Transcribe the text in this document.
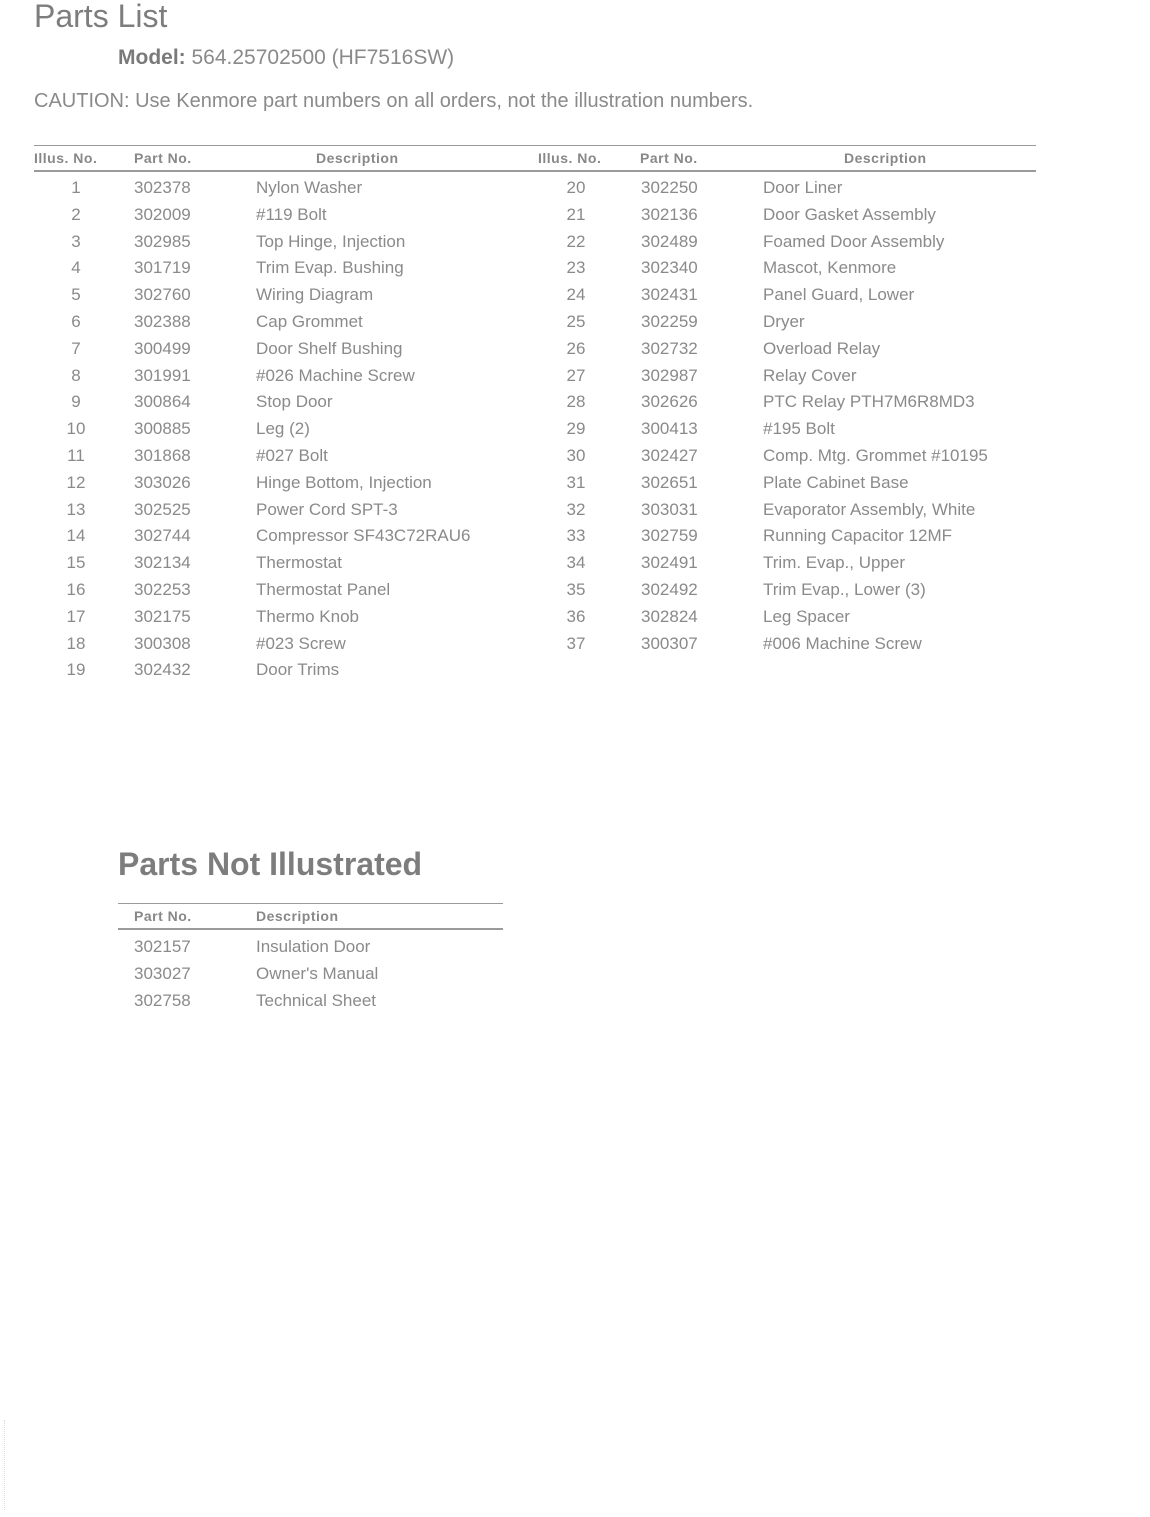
Parts List
Model: 564.25702500 (HF7516SW)
CAUTION: Use Kenmore part numbers on all orders, not the illustration numbers.
Illus. No.	Part No.	Description	Illus. No.	Part No.	Description
1	302378	Nylon Washer
2	302009	#119 Bolt
3	302985	Top Hinge, Injection
4	301719	Trim Evap. Bushing
5	302760	Wiring Diagram
6	302388	Cap Grommet
7	300499	Door Shelf Bushing
8	301991	#026 Machine Screw
9	300864	Stop Door
10	300885	Leg (2)
11	301868	#027 Bolt
12	303026	Hinge Bottom, Injection
13	302525	Power Cord SPT-3
14	302744	Compressor SF43C72RAU6
15	302134	Thermostat
16	302253	Thermostat Panel
17	302175	Thermo Knob
18	300308	#023 Screw
19	302432	Door Trims
20	302250	Door Liner
21	302136	Door Gasket Assembly
22	302489	Foamed Door Assembly
23	302340	Mascot, Kenmore
24	302431	Panel Guard, Lower
25	302259	Dryer
26	302732	Overload Relay
27	302987	Relay Cover
28	302626	PTC Relay PTH7M6R8MD3
29	300413	#195 Bolt
30	302427	Comp. Mtg. Grommet #10195
31	302651	Plate Cabinet Base
32	303031	Evaporator Assembly, White
33	302759	Running Capacitor 12MF
34	302491	Trim. Evap., Upper
35	302492	Trim Evap., Lower (3)
36	302824	Leg Spacer
37	300307	#006 Machine Screw
Parts Not Illustrated
Part No.	Description
302157	Insulation Door
303027	Owner's Manual
302758	Technical Sheet
